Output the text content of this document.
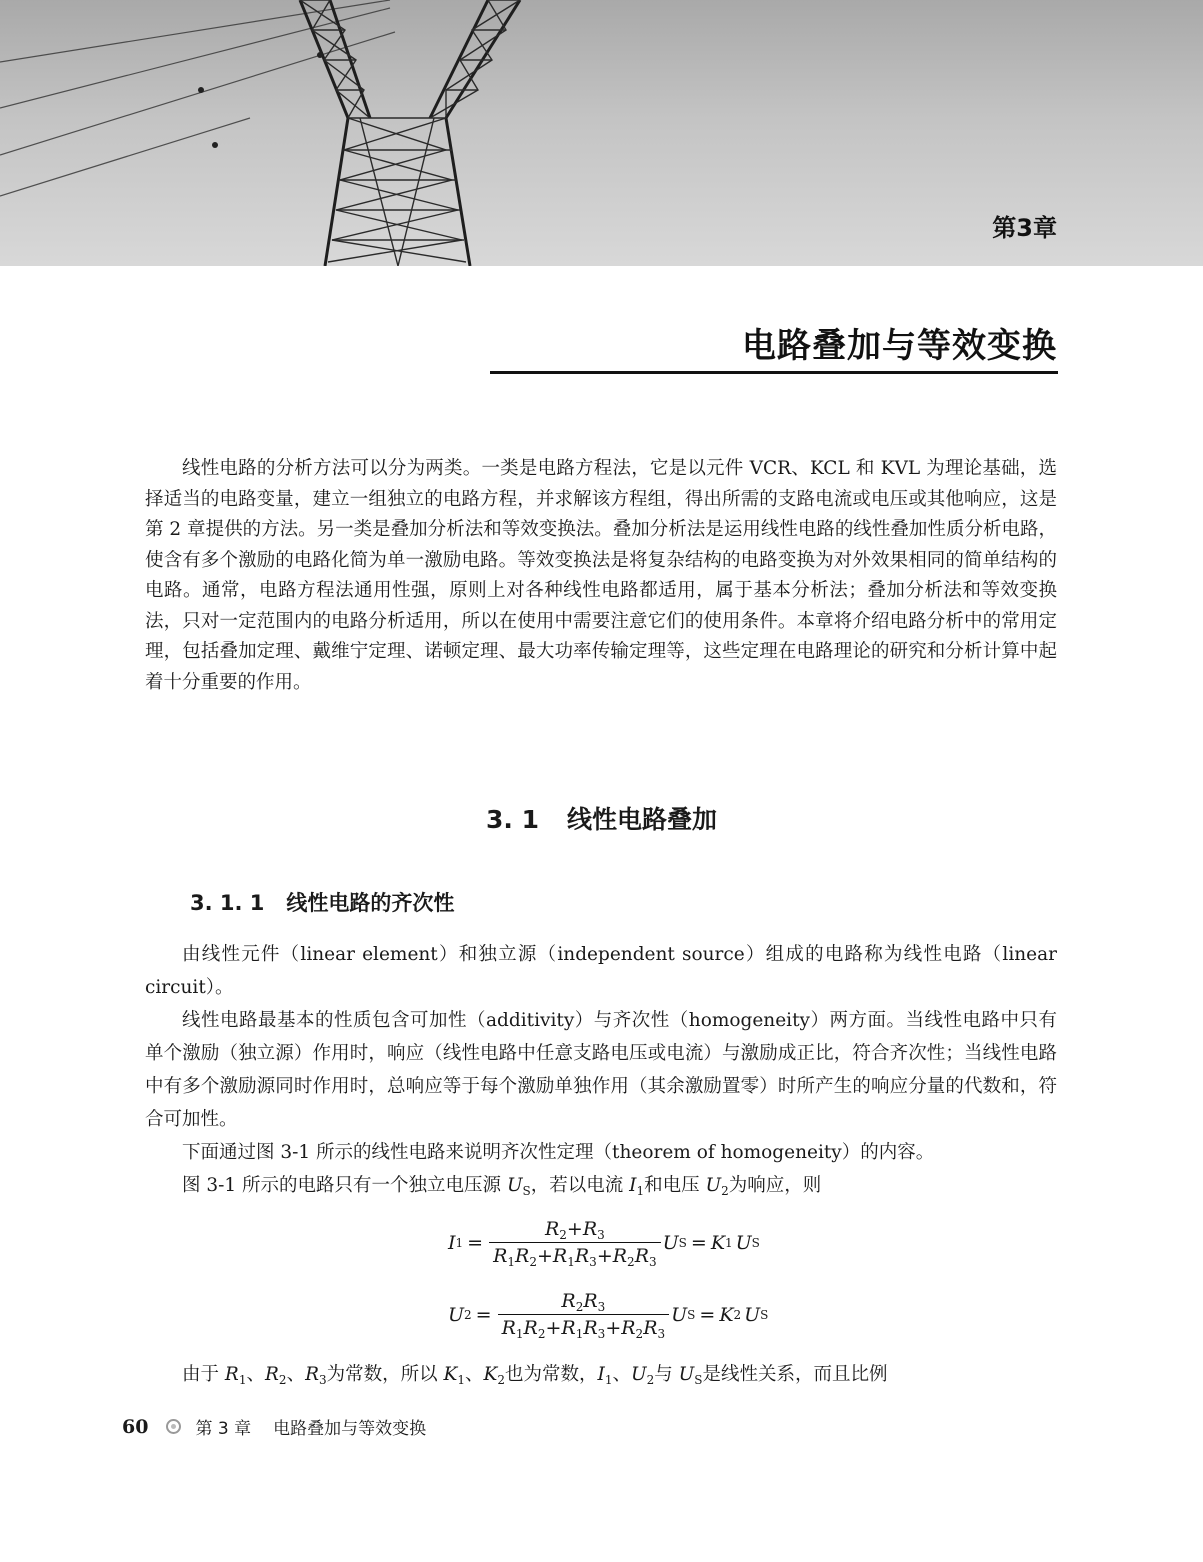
第3章
电路叠加与等效变换

线性电路的分析方法可以分为两类。一类是电路方程法，它是以元件 VCR、KCL 和 KVL 为理论基础，选择适当的电路变量，建立一组独立的电路方程，并求解该方程组，得出所需的支路电流或电压或其他响应，这是第 2 章提供的方法。另一类是叠加分析法和等效变换法。叠加分析法是运用线性电路的线性叠加性质分析电路，使含有多个激励的电路化简为单一激励电路。等效变换法是将复杂结构的电路变换为对外效果相同的简单结构的电路。通常，电路方程法通用性强，原则上对各种线性电路都适用，属于基本分析法；叠加分析法和等效变换法，只对一定范围内的电路分析适用，所以在使用中需要注意它们的使用条件。本章将介绍电路分析中的常用定理，包括叠加定理、戴维宁定理、诺顿定理、最大功率传输定理等，这些定理在电路理论的研究和分析计算中起着十分重要的作用。

3. 1 线性电路叠加
3. 1. 1 线性电路的齐次性

由线性元件（linear element）和独立源（independent source）组成的电路称为线性电路（linear circuit）。

线性电路最基本的性质包含可加性（additivity）与齐次性（homogeneity）两方面。当线性电路中只有单个激励（独立源）作用时，响应（线性电路中任意支路电压或电流）与激励成正比，符合齐次性；当线性电路中有多个激励源同时作用时，总响应等于每个激励单独作用（其余激励置零）时所产生的响应分量的代数和，符合可加性。

下面通过图 3-1 所示的线性电路来说明齐次性定理（theorem of homogeneity）的内容。

图 3-1 所示的电路只有一个独立电压源 $U_S$，若以电流 $I_1$和电压 $U_2$为响应，则

I $1 = \frac{R_2+R_3}{R_1R_2+R_1R_3+R_2R_3}$ U S = K 1 U S
U $2 = \frac{R_2R_3}{R_1R_2+R_1R_3+R_2R_3}$ U S = K 2 U S

由于 $R_1$、$R_2$、$R_3$为常数，所以 $K_1$、$K_2$也为常数，$I_1$、$U_2$与 $U_S$是线性关系，而且比例

60	第 3 章 电路叠加与等效变换
